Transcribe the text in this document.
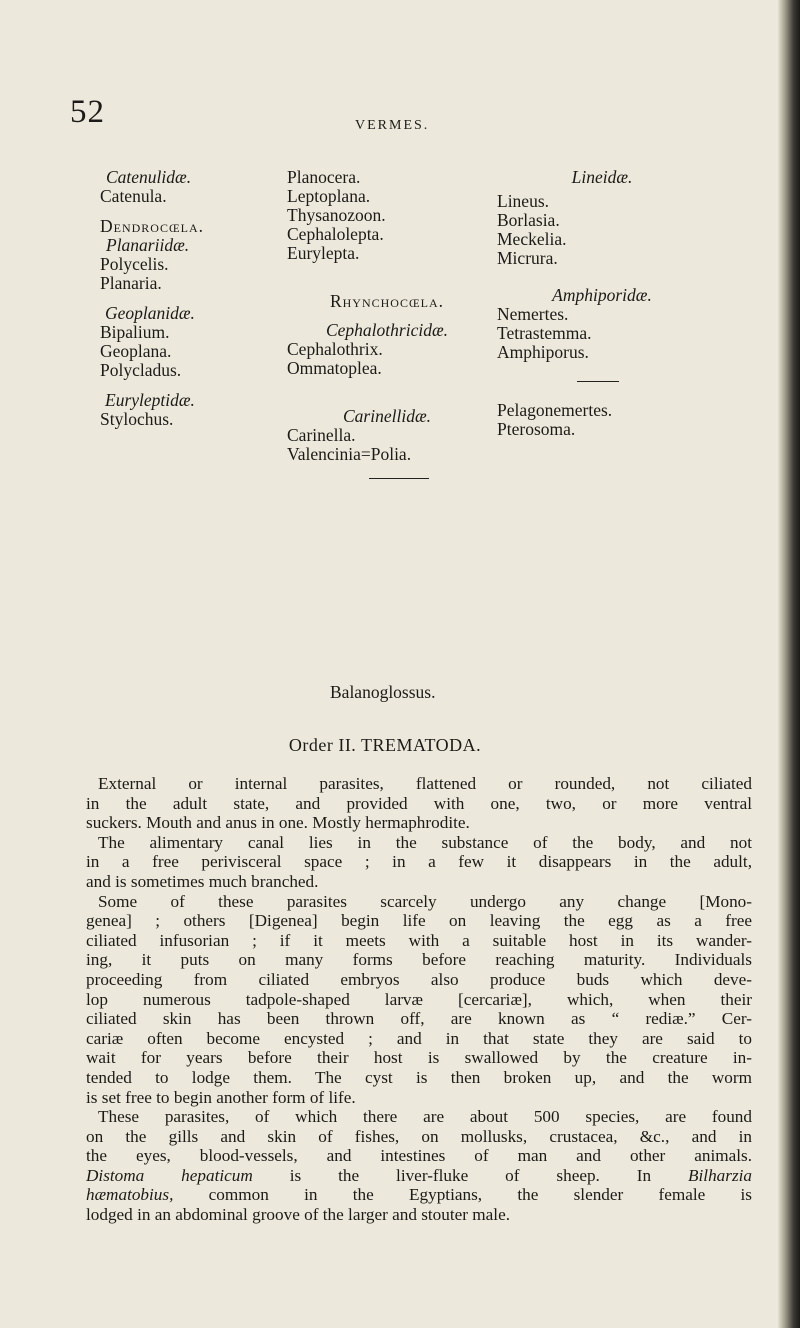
52	VERMES.
Catenulidæ.
Catenula.
Dendrocœla.
Planariidæ.
Polycelis.
Planaria.
Geoplanidæ.
Bipalium.
Geoplana.
Polycladus.
Euryleptidæ.
Stylochus.
Planocera.
Leptoplana.
Thysanozoon.
Cephalolepta.
Eurylepta.
Rhynchocœla.
Cephalothricidæ.
Cephalothrix.
Ommatoplea.
Carinellidæ.
Carinella.
Valencinia=Polia.
Lineidæ.
Lineus.
Borlasia.
Meckelia.
Micrura.
Amphiporidæ.
Nemertes.
Tetrastemma.
Amphiporus.
Pelagonemertes.
Pterosoma.
Balanoglossus.
Order II. TREMATODA.
External or internal parasites, flattened or rounded, not ciliated
in the adult state, and provided with one, two, or more ventral
suckers. Mouth and anus in one. Mostly hermaphrodite.
The alimentary canal lies in the substance of the body, and not
in a free perivisceral space ; in a few it disappears in the adult,
and is sometimes much branched.
Some of these parasites scarcely undergo any change [Mono-
genea] ; others [Digenea] begin life on leaving the egg as a free
ciliated infusorian ; if it meets with a suitable host in its wander-
ing, it puts on many forms before reaching maturity. Individuals
proceeding from ciliated embryos also produce buds which deve-
lop numerous tadpole-shaped larvæ [cercariæ], which, when their
ciliated skin has been thrown off, are known as “ rediæ.” Cer-
cariæ often become encysted ; and in that state they are said to
wait for years before their host is swallowed by the creature in-
tended to lodge them. The cyst is then broken up, and the worm
is set free to begin another form of life.
These parasites, of which there are about 500 species, are found
on the gills and skin of fishes, on mollusks, crustacea, &c., and in
the eyes, blood-vessels, and intestines of man and other animals.
Distoma hepaticum is the liver-fluke of sheep. In Bilharzia
hæmatobius, common in the Egyptians, the slender female is
lodged in an abdominal groove of the larger and stouter male.
